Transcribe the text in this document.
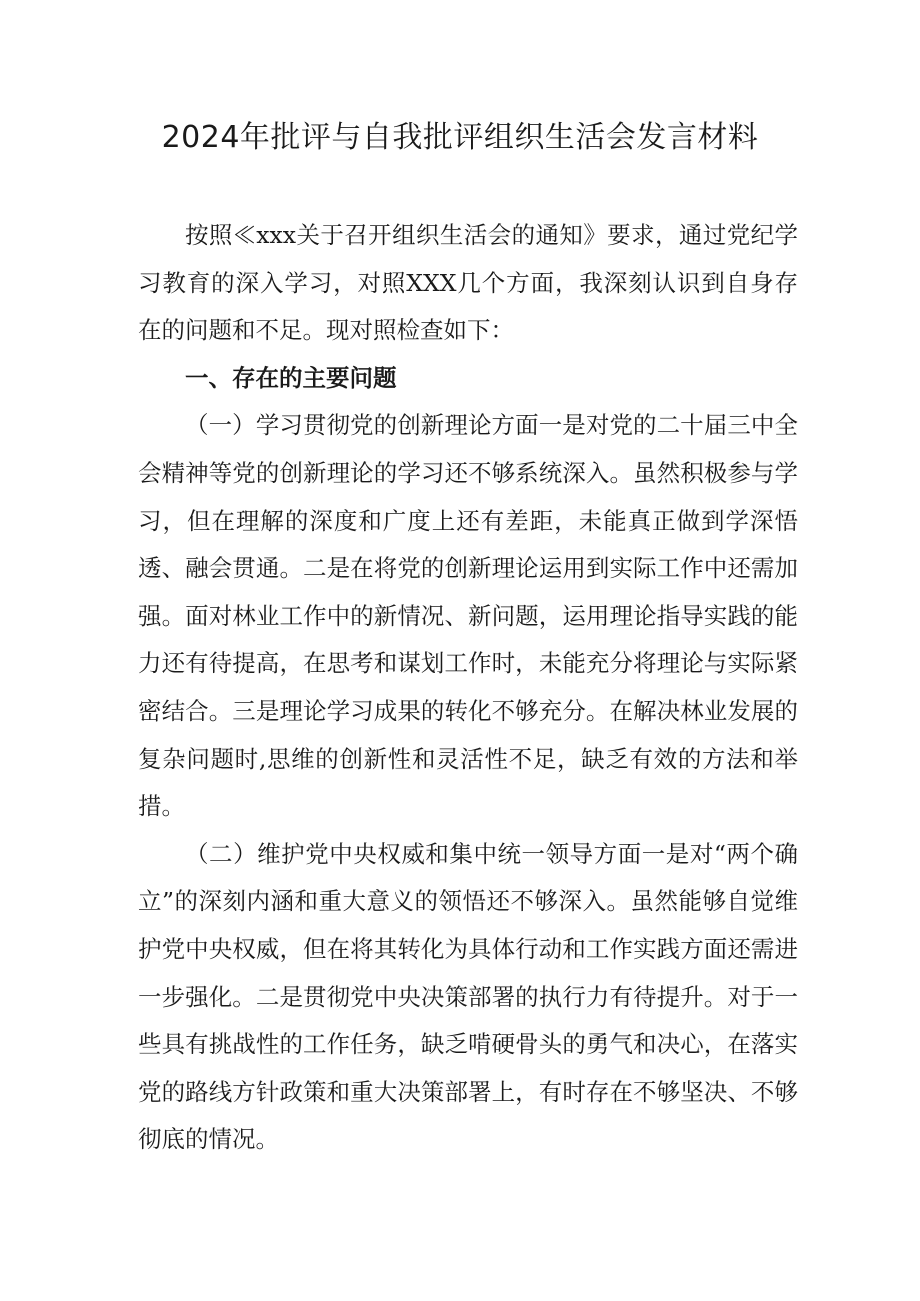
2024年批评与自我批评组织生活会发言材料

按照≪xxx关于召开组织生活会的通知》要求，通过党纪学习教育的深入学习，对照XXX几个方面，我深刻认识到自身存在的问题和不足。现对照检查如下：

一、存在的主要问题

（一）学习贯彻党的创新理论方面一是对党的二十届三中全会精神等党的创新理论的学习还不够系统深入。虽然积极参与学习，但在理解的深度和广度上还有差距，未能真正做到学深悟透、融会贯通。二是在将党的创新理论运用到实际工作中还需加强。面对林业工作中的新情况、新问题，运用理论指导实践的能力还有待提高，在思考和谋划工作时，未能充分将理论与实际紧密结合。三是理论学习成果的转化不够充分。在解决林业发展的复杂问题时,思维的创新性和灵活性不足，缺乏有效的方法和举措。

（二）维护党中央权威和集中统一领导方面一是对“两个确立”的深刻内涵和重大意义的领悟还不够深入。虽然能够自觉维护党中央权威，但在将其转化为具体行动和工作实践方面还需进一步强化。二是贯彻党中央决策部署的执行力有待提升。对于一些具有挑战性的工作任务，缺乏啃硬骨头的勇气和决心，在落实党的路线方针政策和重大决策部署上，有时存在不够坚决、不够彻底的情况。
